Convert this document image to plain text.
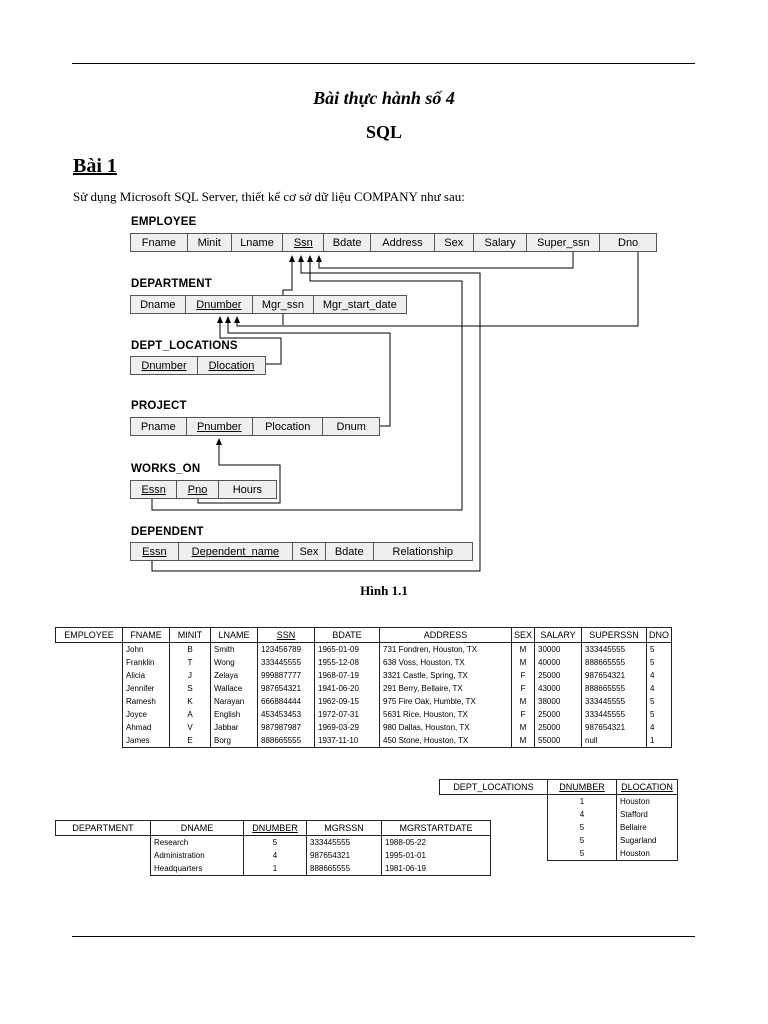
Bài thực hành số 4
SQL
Bài 1
Sử dụng Microsoft SQL Server, thiết kế cơ sở dữ liệu COMPANY như sau:
EMPLOYEE
Fname	Minit	Lname	Ssn	Bdate	Address	Sex	Salary	Super_ssn	Dno
DEPARTMENT
Dname	Dnumber	Mgr_ssn	Mgr_start_date
DEPT_LOCATIONS
Dnumber Dlocation
PROJECT
Pname	Pnumber	Plocation	Dnum
WORKS_ON
Essn Pno	Hours
DEPENDENT
Essn Dependent_name	Sex	Bdate	Relationship
Hình 1.1
EMPLOYEE	FNAME	MINIT	LNAME	SSN	BDATE	ADDRESS	SEX	SALARY	SUPERSSN	DNO
	John	B	Smith	123456789	1965-01-09	731 Fondren, Houston, TX	M	30000	333445555	5
	Franklin	T	Wong	333445555	1955-12-08	638 Voss, Houston, TX	M	40000	888665555	5
	Alicia	J	Zelaya	999887777	1968-07-19	3321 Castle, Spring, TX	F	25000	987654321	4
	Jennifer	S	Wallace	987654321	1941-06-20	291 Berry, Bellaire, TX	F	43000	888665555	4
	Ramesh	K	Narayan	666884444	1962-09-15	975 Fire Oak, Humble, TX	M	38000	333445555	5
	Joyce	A	English	453453453	1972-07-31	5631 Rice, Houston, TX	F	25000	333445555	5
	Ahmad	V	Jabbar	987987987	1969-03-29	980 Dallas, Houston, TX	M	25000	987654321	4
	James	E	Borg	888665555	1937-11-10	450 Stone, Houston, TX	M	55000	null	1
DEPT_LOCATIONS	DNUMBER	DLOCATION
	1	Houston
	4	Stafford
	5	Bellaire
	5	Sugarland
	5	Houston
DEPARTMENT	DNAME	DNUMBER	MGRSSN	MGRSTARTDATE
	Research	5	333445555	1988-05-22
	Administration	4	987654321	1995-01-01
	Headquarters	1	888665555	1981-06-19
